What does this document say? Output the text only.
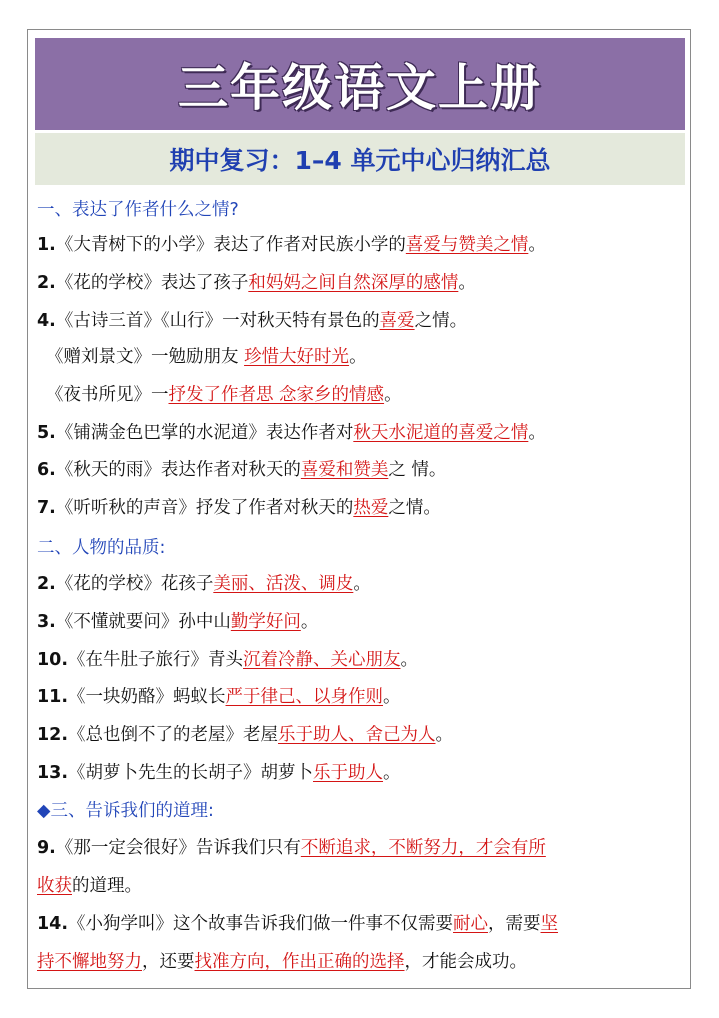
三年级语文上册
期中复习：1–4 单元中心归纳汇总
一、表达了作者什么之情?
1.《大青树下的小学》表达了作者对民族小学的喜爱与赞美之情。
2.《花的学校》表达了孩子和妈妈之间自然深厚的感情。
4.《古诗三首》《山行》一对秋天特有景色的喜爱之情。
《赠刘景文》一勉励朋友 珍惜大好时光。
《夜书所见》一抒发了作者思 念家乡的情感。
5.《铺满金色巴掌的水泥道》表达作者对秋天水泥道的喜爱之情。
6.《秋天的雨》表达作者对秋天的喜爱和赞美之 情。
7.《听听秋的声音》抒发了作者对秋天的热爱之情。
二、人物的品质:
2.《花的学校》花孩子美丽、活泼、调皮。
3.《不懂就要问》孙中山勤学好问。
10.《在牛肚子旅行》青头沉着冷静、关心朋友。
11.《一块奶酪》蚂蚁长严于律己、以身作则。
12.《总也倒不了的老屋》老屋乐于助人、舍己为人。
13.《胡萝卜先生的长胡子》胡萝卜乐于助人。
◆三、告诉我们的道理:
9.《那一定会很好》告诉我们只有不断追求，不断努力，才会有所
收获的道理。
14.《小狗学叫》这个故事告诉我们做一件事不仅需要耐心，需要坚
持不懈地努力，还要找准方向，作出正确的选择，才能会成功。
